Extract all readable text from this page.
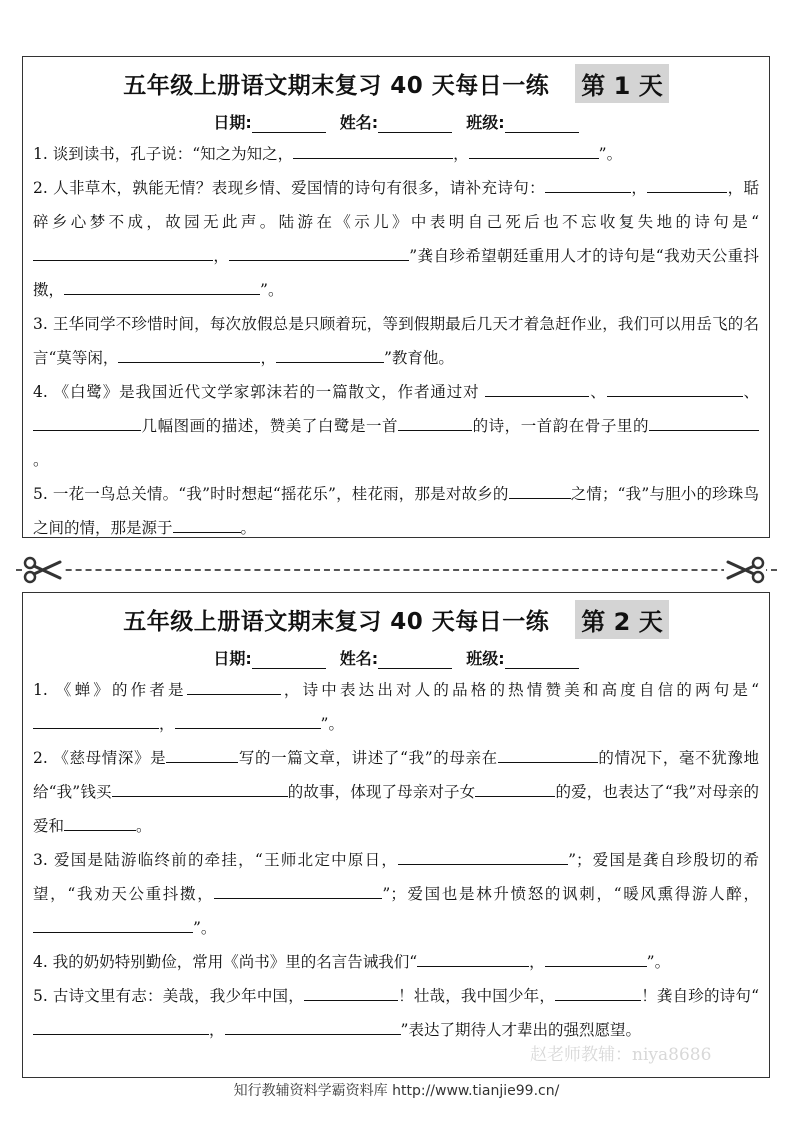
五年级上册语文期末复习 40 天每日一练 第 1 天
日期:	姓名:	班级:

1. 谈到读书，孔子说：“知之为知之，	，	”。

2. 人非草木，孰能无情？表现乡情、爱国情的诗句有很多，请补充诗句：	，	，聒碎乡心梦不成，故园无此声。陆游在《示儿》中表明自己死后也不忘收复失地的诗句是“，	”龚自珍希望朝廷重用人才的诗句是“我劝天公重抖擞，	”。

3. 王华同学不珍惜时间，每次放假总是只顾着玩，等到假期最后几天才着急赶作业，我们可以用岳飞的名言“莫等闲，	，	”教育他。

4. 《白鹭》是我国近代文学家郭沫若的一篇散文，作者通过对	、	、几幅图画的描述，赞美了白鹭是一首	的诗，一首韵在骨子里的。

5. 一花一鸟总关情。“我”时时想起“摇花乐”，桂花雨，那是对故乡的	之情；“我”与胆小的珍珠鸟之间的情，那是源于	。

五年级上册语文期末复习 40 天每日一练 第 2 天
日期:	姓名:	班级:

1. 《蝉》的作者是	，诗中表达出对人的品格的热情赞美和高度自信的两句是“，	”。

2. 《慈母情深》是	写的一篇文章，讲述了“我”的母亲在	的情况下，毫不犹豫地给“我”钱买	的故事，体现了母亲对子女	的爱，也表达了“我”对母亲的爱和	。

3. 爱国是陆游临终前的牵挂，“王师北定中原日，	”；爱国是龚自珍殷切的希望，“我劝天公重抖擞，	”；爱国也是林升愤怒的讽刺，“暖风熏得游人醉，”。

4. 我的奶奶特别勤俭，常用《尚书》里的名言告诫我们“	，	”。

5. 古诗文里有志：美哉，我少年中国，	！壮哉，我中国少年，	！龚自珍的诗句“，	”表达了期待人才辈出的强烈愿望。

赵老师教辅：niya8686
知行教辅资料学霸资料库 http://www.tianjie99.cn/
